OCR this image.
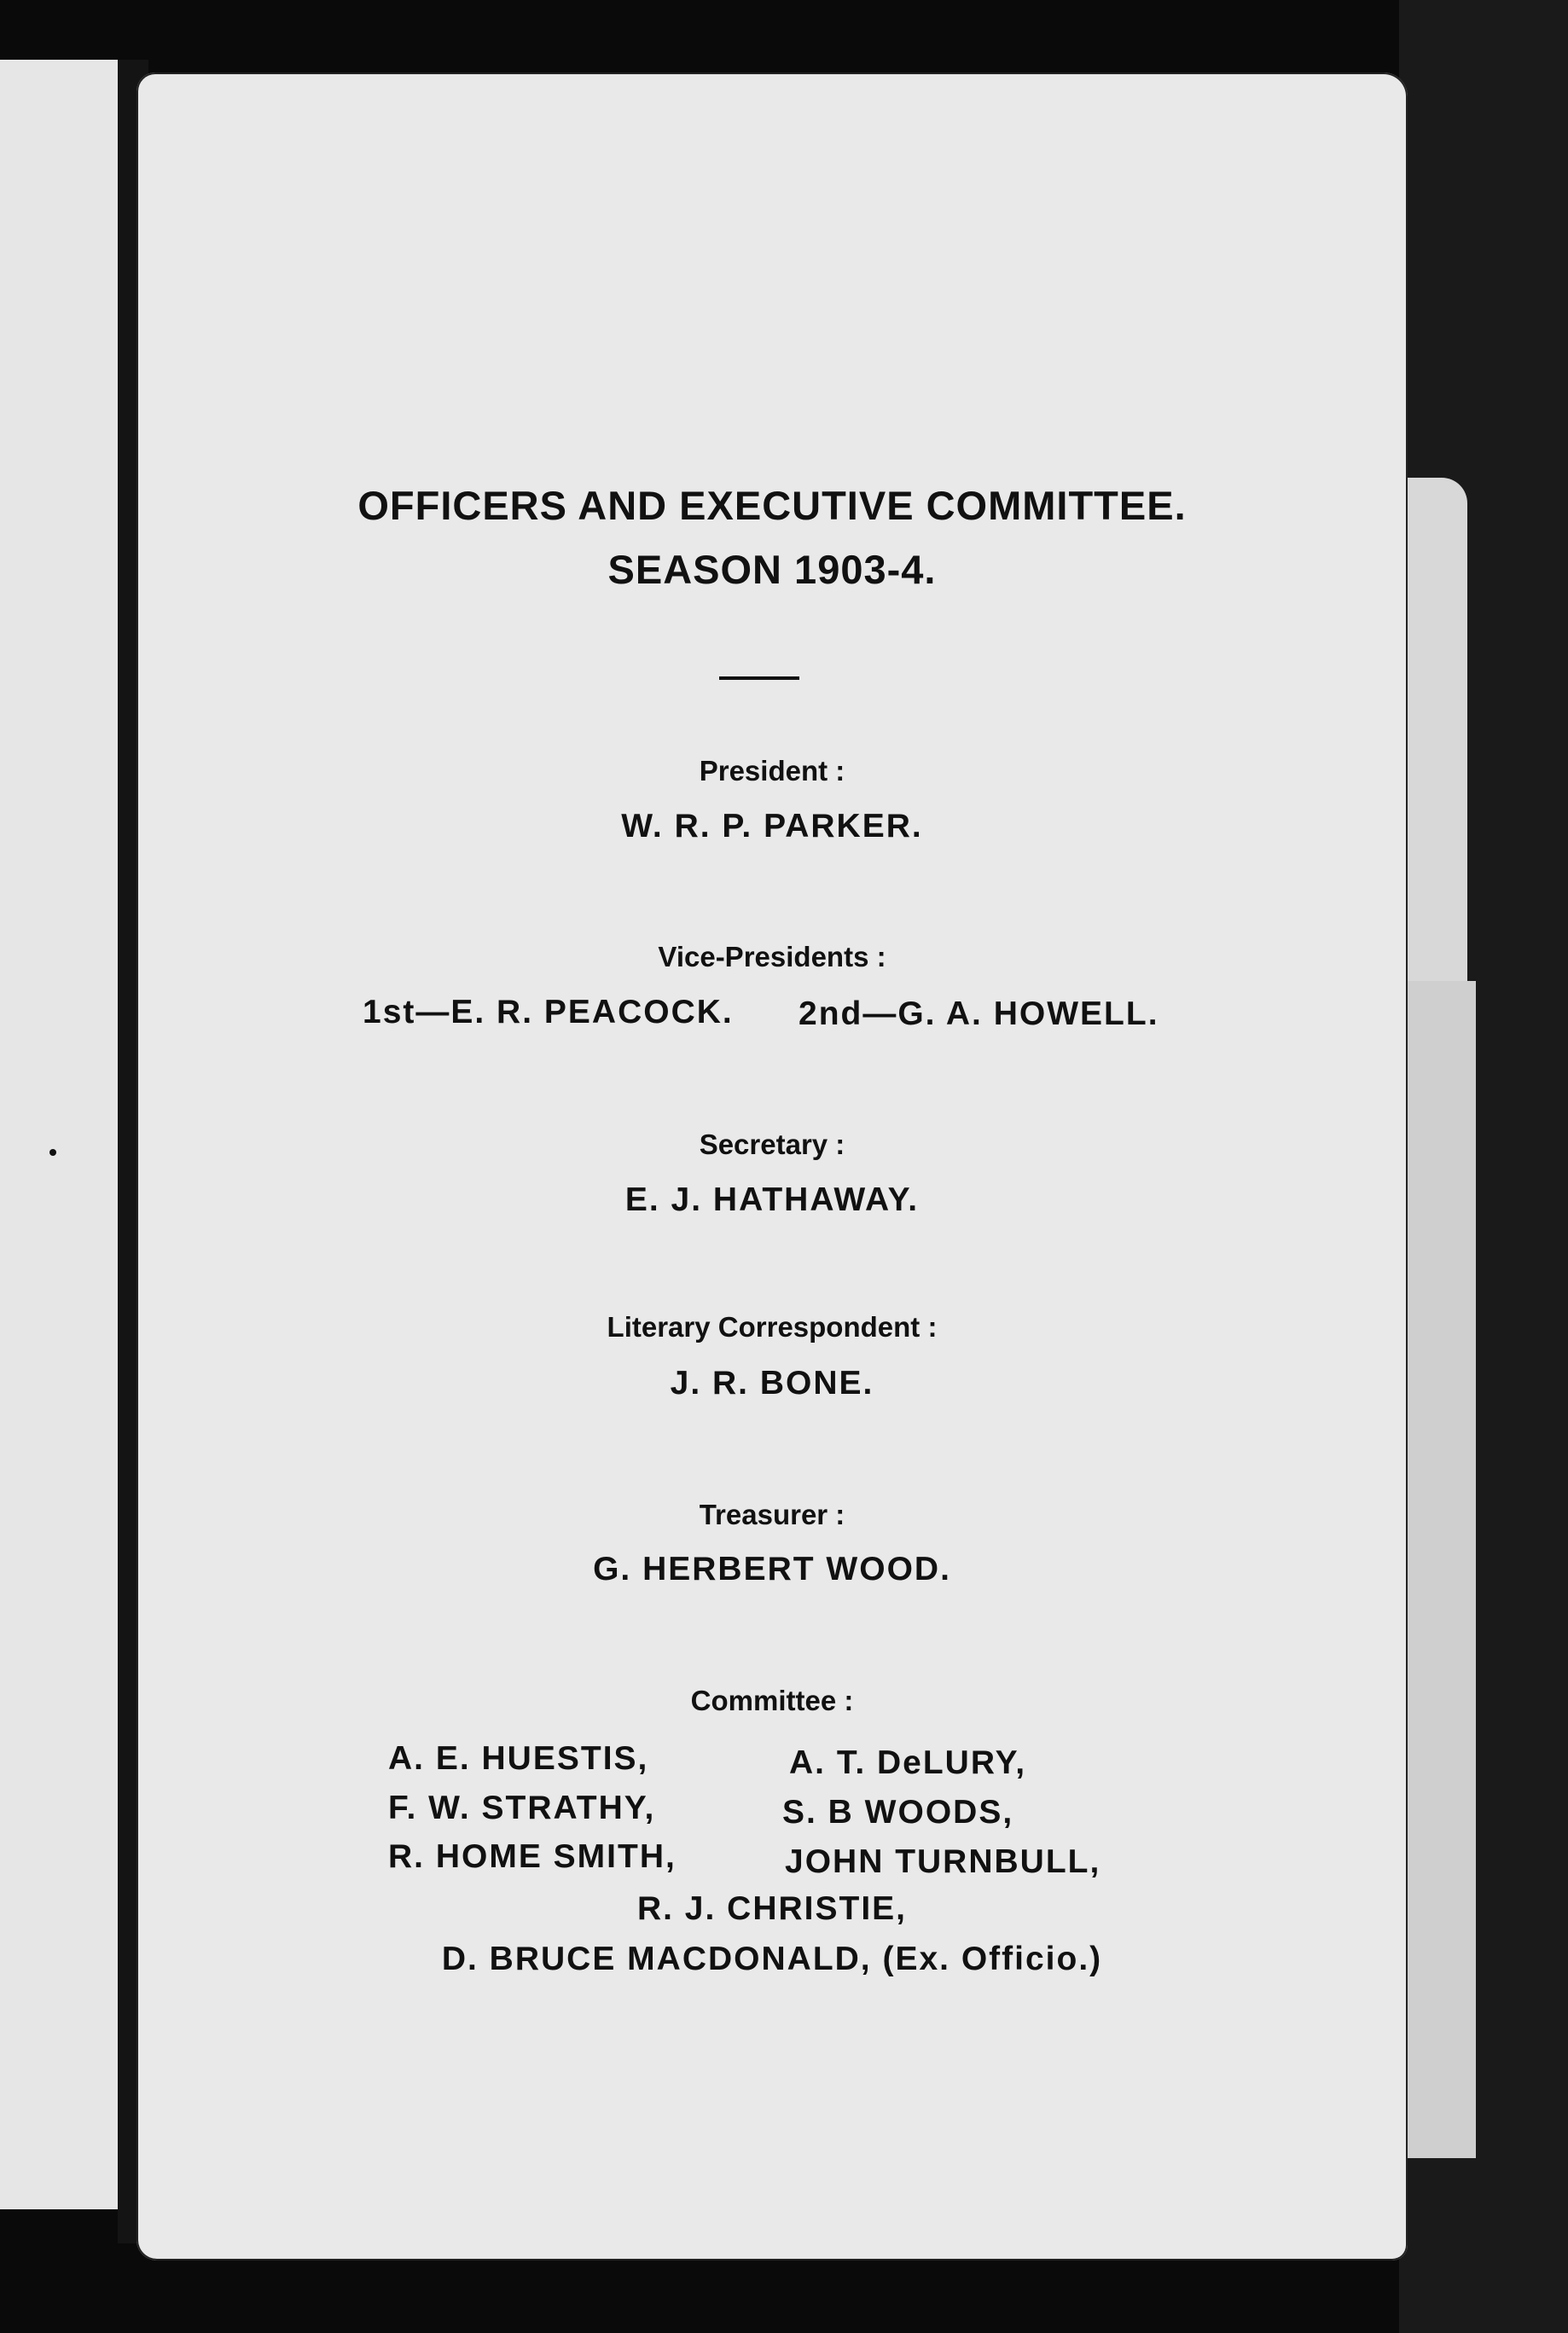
OFFICERS AND EXECUTIVE COMMITTEE.
SEASON 1903-4.
President :
W. R. P. PARKER.
Vice-Presidents :
1st—E. R. PEACOCK. 2nd—G. A. HOWELL.
Secretary :
E. J. HATHAWAY.
Literary Correspondent :
J. R. BONE.
Treasurer :
G. HERBERT WOOD.
Committee :
A. E. HUESTIS,	A. T. DeLURY,
F. W. STRATHY,	S. B WOODS,
R. HOME SMITH,	JOHN TURNBULL,
R. J. CHRISTIE,
D. BRUCE MACDONALD, (Ex. Officio.)
